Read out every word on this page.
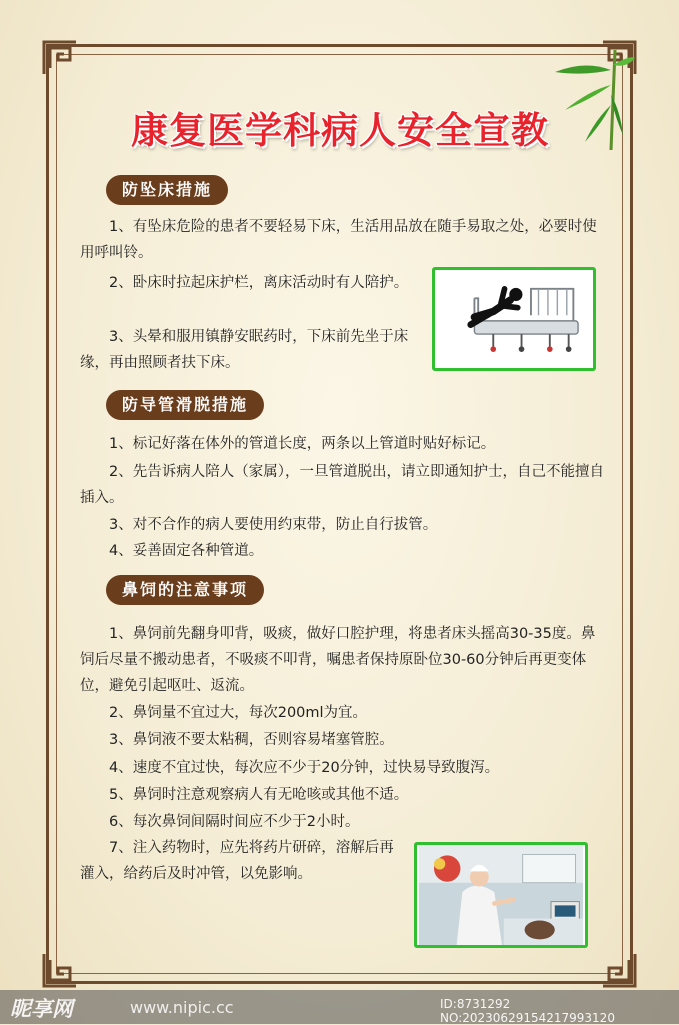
康复医学科病人安全宣教
防坠床措施

1、有坠床危险的患者不要轻易下床，生活用品放在随手易取之处，必要时使用呼叫铃。

2、卧床时拉起床护栏，离床活动时有人陪护。

3、头晕和服用镇静安眠药时，下床前先坐于床缘，再由照顾者扶下床。

防导管滑脱措施

1、标记好落在体外的管道长度，两条以上管道时贴好标记。

2、先告诉病人陪人（家属），一旦管道脱出，请立即通知护士，自己不能擅自插入。

3、对不合作的病人要使用约束带，防止自行拔管。

4、妥善固定各种管道。

鼻饲的注意事项

1、鼻饲前先翻身叩背，吸痰，做好口腔护理，将患者床头摇高30-35度。鼻饲后尽量不搬动患者，不吸痰不叩背，嘱患者保持原卧位30-60分钟后再更变体位，避免引起呕吐、返流。

2、鼻饲量不宜过大，每次200ml为宜。

3、鼻饲液不要太粘稠，否则容易堵塞管腔。

4、速度不宜过快，每次应不少于20分钟，过快易导致腹泻。

5、鼻饲时注意观察病人有无呛咳或其他不适。

6、每次鼻饲间隔时间应不少于2小时。

7、注入药物时，应先将药片研碎，溶解后再灌入，给药后及时冲管，以免影响。

昵享网	www.nipic.cc	ID:8731292 NO:20230629154217993120
